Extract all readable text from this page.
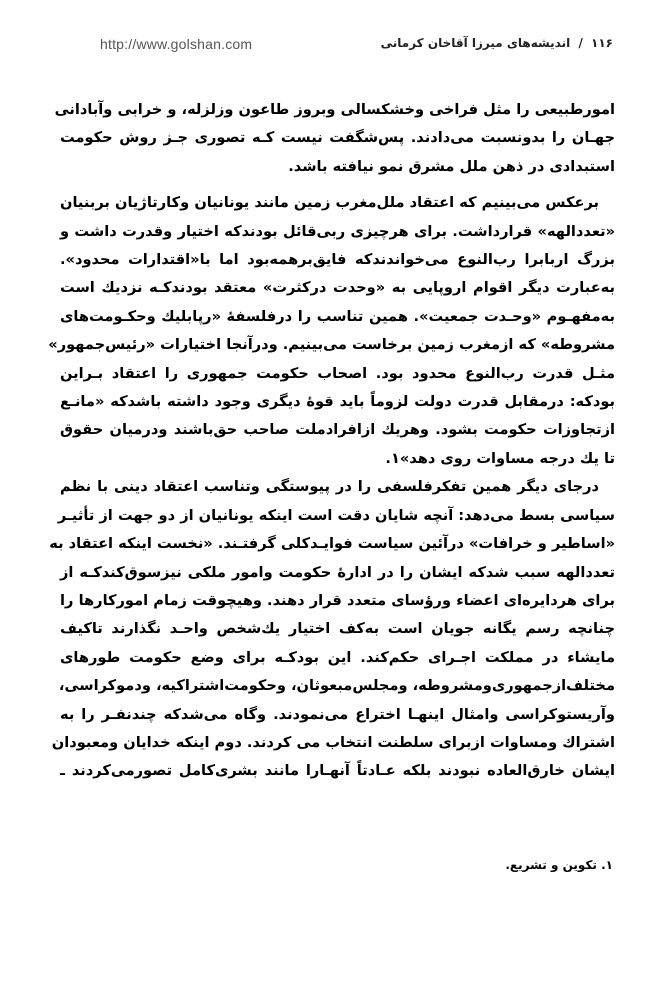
http://www.golshan.com	۱۱۶ / اندیشه‌های میرزا آقاخان کرمانی
امورطبیعی را مثل فراخی وخشکسالی وبروز طاعون وزلزله، و خرابی وآبادانی
جهـان را بدونسبت می‌دادند. پس‌شگفت نیست کـه تصوری جـز روش حکومت
استبدادی در ذهن ملل مشرق نمو نیافته باشد.
برعکس می‌بینیم که اعتقاد ملل‌مغرب زمین مانند یونانیان وکارتاژیان بربنیان
«تعددالهه» قرارداشت. برای هرچیزی ربی‌قائل بودندکه اختیار وقدرت داشت و
بزرگ اربابرا رب‌النوع می‌خواندندکه فایق‌برهمه‌بود اما با«اقتدارات محدود».
به‌عبارت دیگر اقوام اروپایی به «وحدت درکثرت» معتقد بودندکـه نزدیك است
به‌مفهـوم «وحـدت جمعیت». همین تناسب را درفلسفهٔ «رپابلیك وحکـومت‌های
مشروطه» که ازمغرب زمین برخاست می‌بینیم. ودرآنجا اختیارات «رئیس‌جمهور»
مثـل قدرت رب‌النوع محدود بود. اصحاب حکومت جمهوری را اعتقاد بـراین
بودکه: درمقابل قدرت دولت لزوماً باید قوهٔ دیگری وجود داشته باشدکه «مانـع
ازتجاوزات حکومت بشود. وهریك ازافرادملت صاحب حق‌باشند ودرمیان حقوق
تا یك درجه مساوات روی دهد»۱.
درجای دیگر همین تفکرفلسفی را در پیوستگی وتناسب اعتقاد دینی با نظم
سیاسی بسط می‌دهد: آنچه شایان دقت است اینکه یونانیان از دو جهت از تأثیـر
«اساطیر و خرافات» درآئین سیاست فوایـدکلی گرفتـند. «نخست اینکه اعتقاد به
تعددالهه سبب شدکه ایشان را در ادارهٔ حکومت وامور ملکی نیزسوق‌کندکـه از
برای هردایره‌ای اعضاء ورؤسای متعدد قرار دهند. وهیچوقت زمام امورکارها را
چنانچه رسم یگانه جویان است به‌کف اختیار یك‌شخص واحـد نگذارند تاکیف
مایشاء در مملکت اجـرای حکم‌کند. این بودکـه برای وضع حکومت طورهای
مختلف‌ازجمهوری‌ومشروطه، ومجلس‌مبعوثان، وحکومت‌اشتراکیه، ودموکراسی،
وآریستوکراسی وامثال اینهـا اختراع می‌نمودند. وگاه می‌شدکه چندنفـر را به
اشتراك ومساوات ازبرای سلطنت انتخاب می کردند. دوم اینکه خدایان ومعبودان
ایشان خارق‌العاده نبودند بلکه عـادتاً آنهـارا مانند بشری‌کامل تصورمی‌کردند ـ
۱. تکوین و تشریع.
